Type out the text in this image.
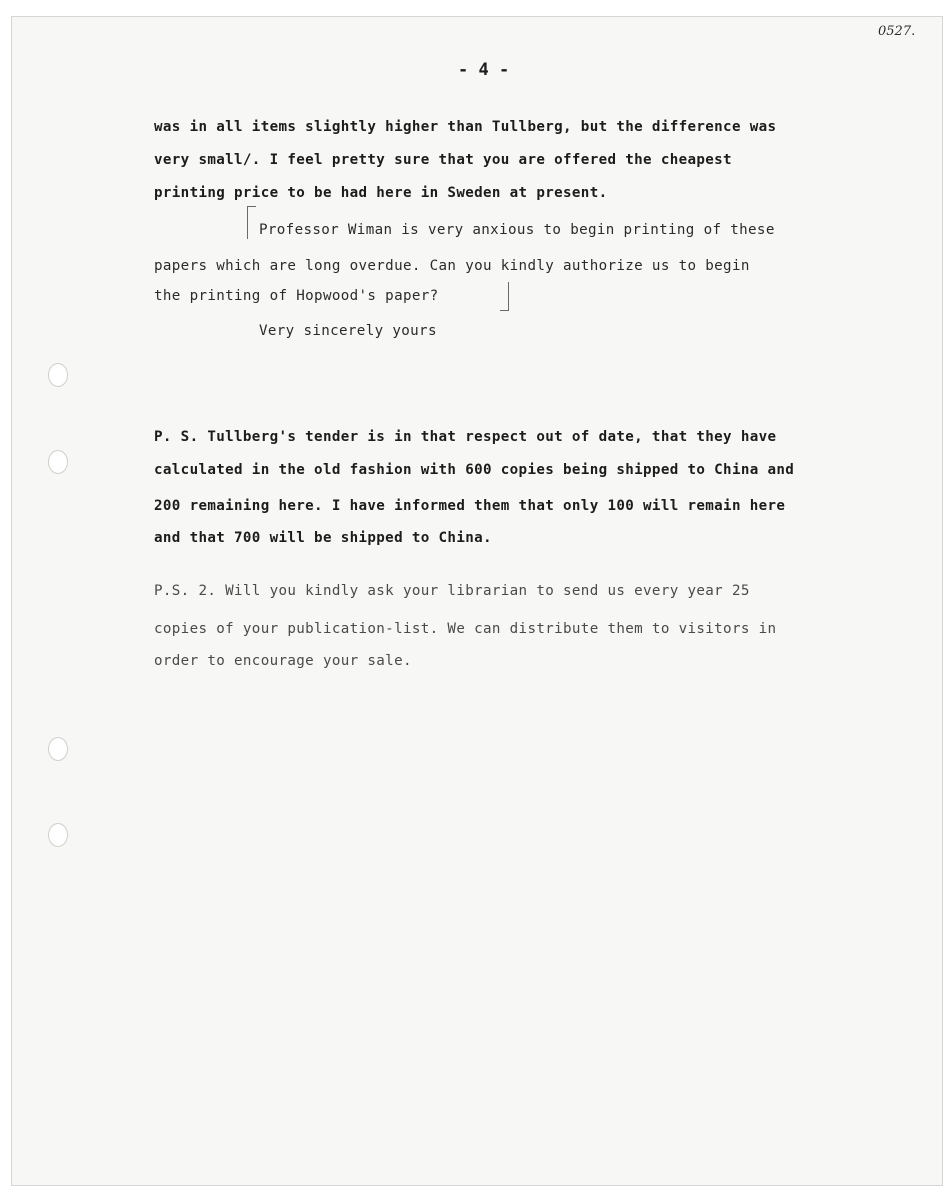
0527.
- 4 -
was in all items slightly higher than Tullberg, but the difference was
very small/. I feel pretty sure that you are offered the cheapest
printing price to be had here in Sweden at present.
Professor Wiman is very anxious to begin printing of these
papers which are long overdue. Can you kindly authorize us to begin
the printing of Hopwood's paper?
Very sincerely yours
P. S. Tullberg's tender is in that respect out of date, that they have
calculated in the old fashion with 600 copies being shipped to China and
200 remaining here. I have informed them that only 100 will remain here
and that 700 will be shipped to China.
P.S. 2. Will you kindly ask your librarian to send us every year 25
copies of your publication-list. We can distribute them to visitors in
order to encourage your sale.
